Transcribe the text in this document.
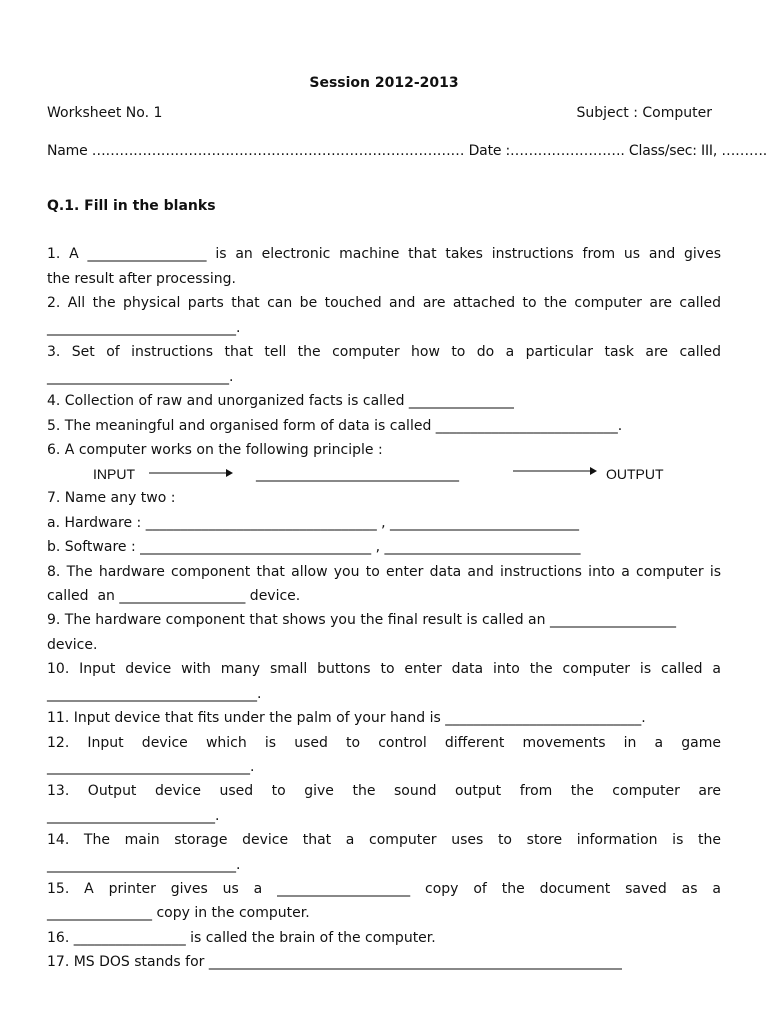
Session 2012-2013
Worksheet No. 1	Subject : Computer
Name ……………………………………………………………………… Date :……………………. Class/sec: III, ……….
Q.1. Fill in the blanks
1. A _________________ is an electronic machine that takes instructions from us and gives
the result after processing.
2. All the physical parts that can be touched and are attached to the computer are called
___________________________.
3. Set of instructions that tell the computer how to do a particular task are called
__________________________.
4. Collection of raw and unorganized facts is called _______________
5. The meaningful and organised form of data is called __________________________.
6. A computer works on the following principle :
INPUT	_____________________________	OUTPUT
7. Name any two :
a. Hardware : _________________________________ , ___________________________
b. Software : _________________________________ , ____________________________
8. The hardware component that allow you to enter data and instructions into a computer is
called  an __________________ device.
9. The hardware component that shows you the final result is called an __________________
device.
10. Input device with many small buttons to enter data into the computer is called a
______________________________.
11. Input device that fits under the palm of your hand is ____________________________.
12. Input device which is used to control different movements in a game
_____________________________.
13. Output device used to give the sound output from the computer are
________________________.
14. The main storage device that a computer uses to store information is the
___________________________.
15. A printer gives us a ___________________ copy of the document saved as a
_______________ copy in the computer.
16. ________________ is called the brain of the computer.
17. MS DOS stands for ___________________________________________________________
